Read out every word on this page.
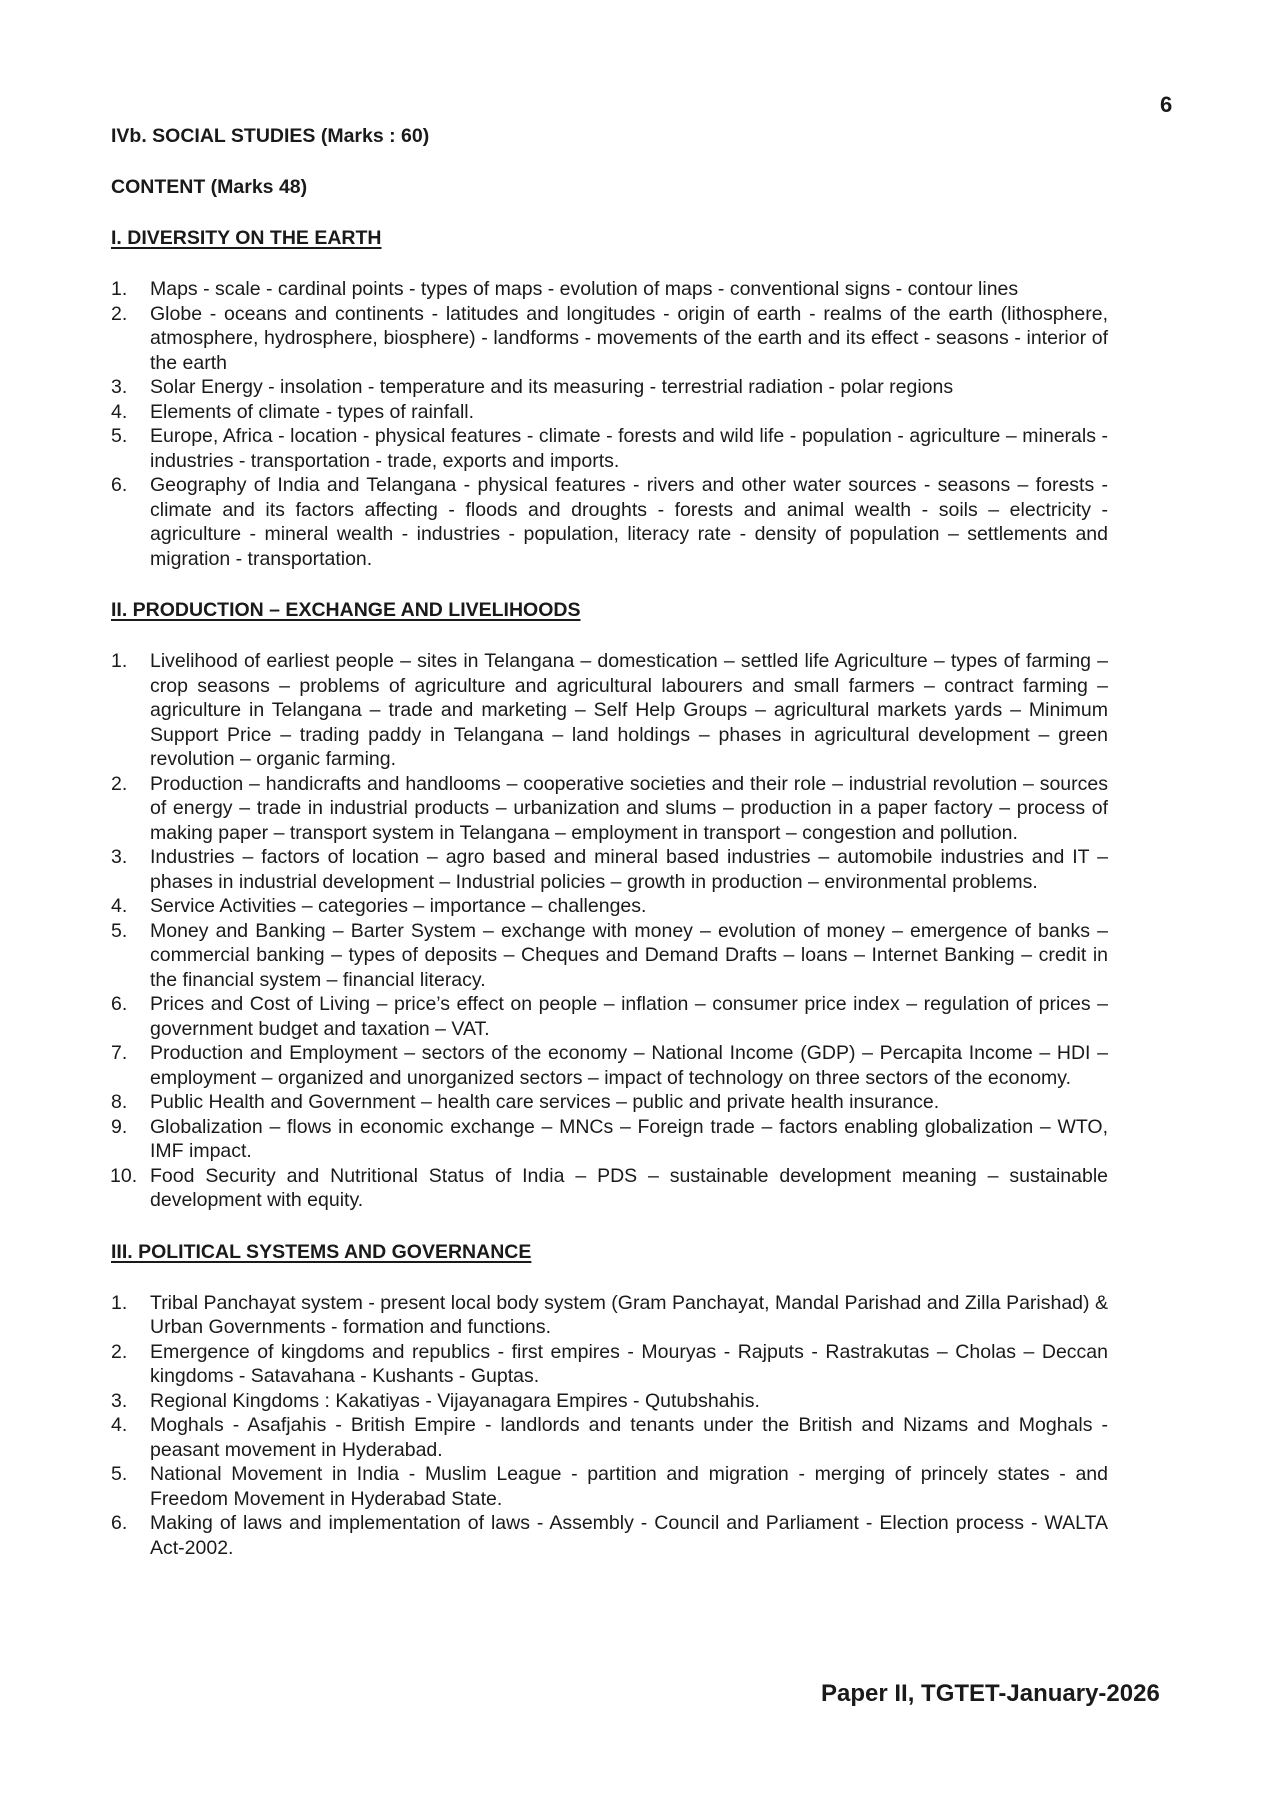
6
IVb. SOCIAL STUDIES (Marks : 60)
CONTENT (Marks 48)
I. DIVERSITY ON THE EARTH
1. Maps - scale - cardinal points - types of maps - evolution of maps - conventional signs - contour lines
2. Globe - oceans and continents - latitudes and longitudes - origin of earth - realms of the earth (lithosphere, atmosphere, hydrosphere, biosphere) - landforms - movements of the earth and its effect - seasons - interior of the earth
3. Solar Energy - insolation - temperature and its measuring - terrestrial radiation - polar regions
4. Elements of climate - types of rainfall.
5. Europe, Africa - location - physical features - climate - forests and wild life - population - agriculture – minerals - industries - transportation - trade, exports and imports.
6. Geography of India and Telangana - physical features - rivers and other water sources - seasons – forests - climate and its factors affecting - floods and droughts - forests and animal wealth - soils – electricity - agriculture - mineral wealth - industries - population, literacy rate - density of population – settlements and migration - transportation.
II. PRODUCTION – EXCHANGE AND LIVELIHOODS
1. Livelihood of earliest people – sites in Telangana – domestication – settled life Agriculture – types of farming – crop seasons – problems of agriculture and agricultural labourers and small farmers – contract farming – agriculture in Telangana – trade and marketing – Self Help Groups – agricultural markets yards – Minimum Support Price – trading paddy in Telangana – land holdings – phases in agricultural development – green revolution – organic farming.
2. Production – handicrafts and handlooms – cooperative societies and their role – industrial revolution – sources of energy – trade in industrial products – urbanization and slums – production in a paper factory – process of making paper – transport system in Telangana – employment in transport – congestion and pollution.
3. Industries – factors of location – agro based and mineral based industries – automobile industries and IT – phases in industrial development – Industrial policies – growth in production – environmental problems.
4. Service Activities – categories – importance – challenges.
5. Money and Banking – Barter System – exchange with money – evolution of money – emergence of banks – commercial banking – types of deposits – Cheques and Demand Drafts – loans – Internet Banking – credit in the financial system – financial literacy.
6. Prices and Cost of Living – price’s effect on people – inflation – consumer price index – regulation of prices – government budget and taxation – VAT.
7. Production and Employment – sectors of the economy – National Income (GDP) – Percapita Income – HDI – employment – organized and unorganized sectors – impact of technology on three sectors of the economy.
8. Public Health and Government – health care services – public and private health insurance.
9. Globalization – flows in economic exchange – MNCs – Foreign trade – factors enabling globalization – WTO, IMF impact.
10. Food Security and Nutritional Status of India – PDS – sustainable development meaning – sustainable development with equity.
III. POLITICAL SYSTEMS AND GOVERNANCE
1. Tribal Panchayat system - present local body system (Gram Panchayat, Mandal Parishad and Zilla Parishad) & Urban Governments - formation and functions.
2. Emergence of kingdoms and republics - first empires - Mouryas - Rajputs - Rastrakutas – Cholas – Deccan kingdoms - Satavahana - Kushants - Guptas.
3. Regional Kingdoms : Kakatiyas - Vijayanagara Empires - Qutubshahis.
4. Moghals - Asafjahis - British Empire - landlords and tenants under the British and Nizams and Moghals - peasant movement in Hyderabad.
5. National Movement in India - Muslim League - partition and migration - merging of princely states - and Freedom Movement in Hyderabad State.
6. Making of laws and implementation of laws - Assembly - Council and Parliament - Election process - WALTA Act-2002.
Paper II, TGTET-January-2026
